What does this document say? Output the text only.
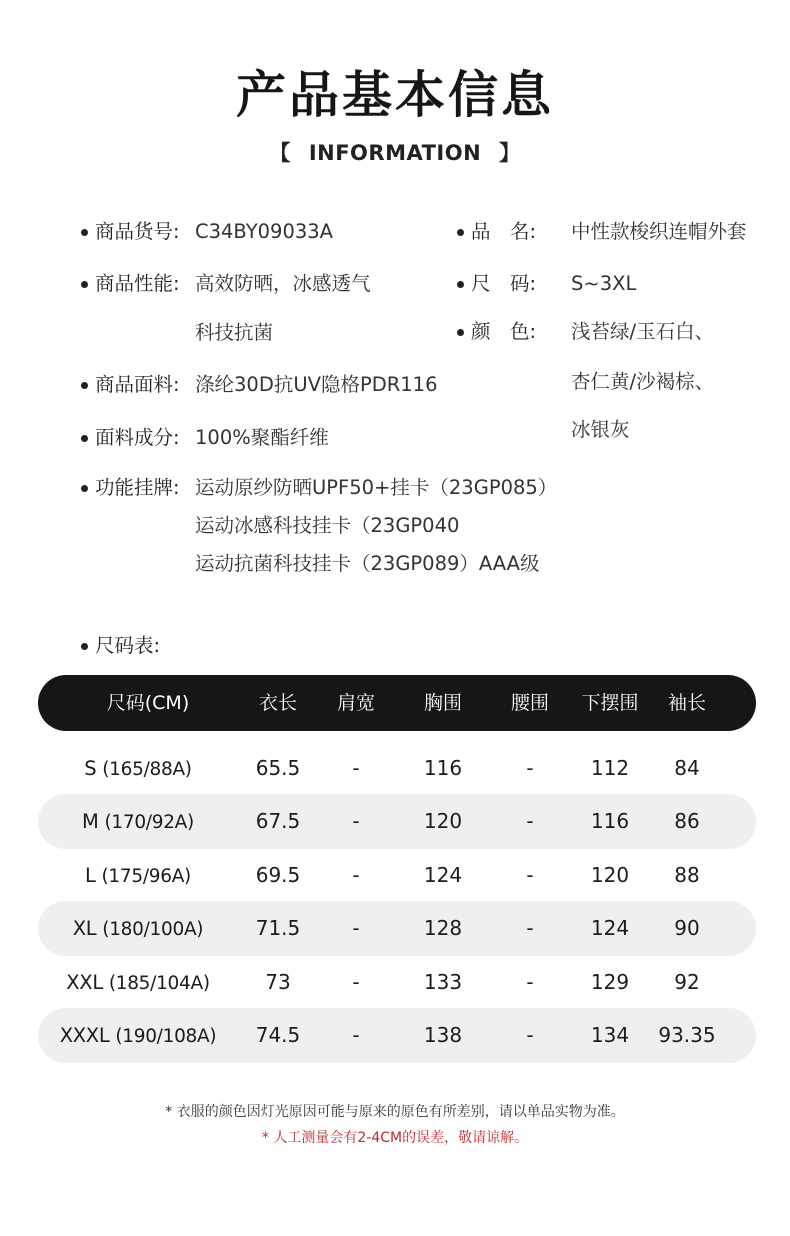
产品基本信息
【 INFORMATION 】
商品货号: C34BY09033A
商品性能: 高效防晒，冰感透气
科技抗菌
商品面料: 涤纶30D抗UV隐格PDR116
面料成分: 100%聚酯纤维
功能挂牌: 运动原纱防晒UPF50+挂卡（23GP085）
运动冰感科技挂卡（23GP040
运动抗菌科技挂卡（23GP089）AAA级
品　名: 中性款梭织连帽外套
尺　码: S~3XL
颜　色: 浅苔绿/玉石白、
杏仁黄/沙褐棕、
冰银灰
尺码表:
尺码(CM)	衣长	肩宽	胸围	腰围	下摆围	袖长
S (165/88A)	65.5	-	116	-	112	84
M (170/92A)	67.5	-	120	-	116	86
L (175/96A)	69.5	-	124	-	120	88
XL (180/100A)	71.5	-	128	-	124	90
XXL (185/104A)	73	-	133	-	129	92
XXXL (190/108A)	74.5	-	138	-	134	93.35
* 衣服的颜色因灯光原因可能与原来的原色有所差别，请以单品实物为准。
* 人工测量会有2-4CM的误差，敬请谅解。
